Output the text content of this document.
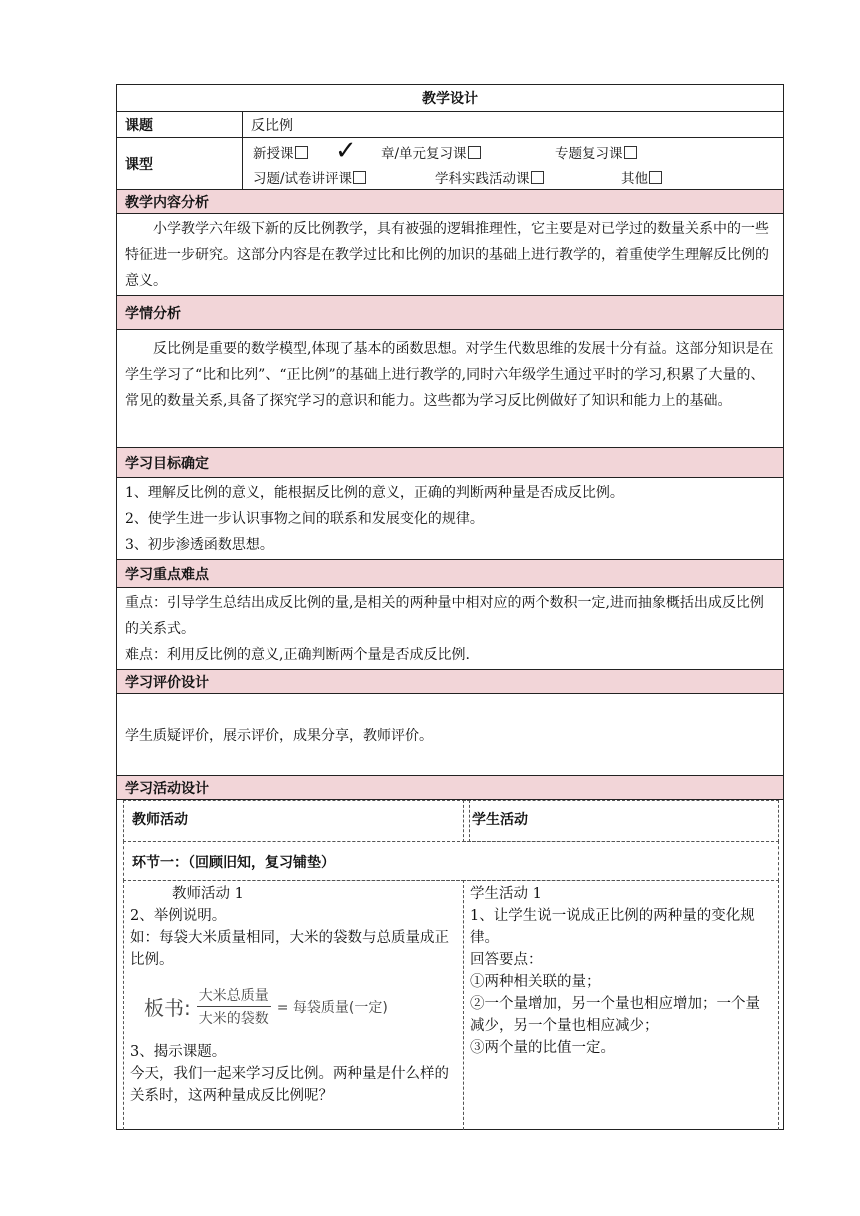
教学设计
课题	反比例
课型
新授课	✓ 章/单元复习课	专题复习课
习题/试卷讲评课	学科实践活动课	其他
教学内容分析

小学教学六年级下新的反比例教学，具有被强的逻辑推理性，它主要是对已学过的数量关系中的一些特征进一步研究。这部分内容是在教学过比和比例的加识的基础上进行教学的，着重使学生理解反比例的意义。

学情分析

反比例是重要的数学模型,体现了基本的函数思想。对学生代数思维的发展十分有益。这部分知识是在学生学习了“比和比列”、“正比例”的基础上进行教学的,同时六年级学生通过平时的学习,积累了大量的、常见的数量关系,具备了探究学习的意识和能力。这些都为学习反比例做好了知识和能力上的基础。

学习目标确定

1、理解反比例的意义，能根据反比例的意义，正确的判断两种量是否成反比例。

2、使学生进一步认识事物之间的联系和发展变化的规律。

3、初步渗透函数思想。

学习重点难点

重点：引导学生总结出成反比例的量,是相关的两种量中相对应的两个数积一定,进而抽象概括出成反比例的关系式。

难点：利用反比例的意义,正确判断两个量是否成反比例.

学习评价设计

学生质疑评价，展示评价，成果分享，教师评价。

学习活动设计
教师活动	学生活动
环节一：（回顾旧知，复习铺垫）

教师活动 1

2、举例说明。

如：每袋大米质量相同，大米的袋数与总质量成正比例。

板书: $\frac{\text{大米总质量}}{\text{大米的袋数}}$ = 每袋质量(一定)

3、揭示课题。

今天，我们一起来学习反比例。两种量是什么样的关系时，这两种量成反比例呢？

学生活动 1

1、让学生说一说成正比例的两种量的变化规律。

回答要点：

①两种相关联的量；

②一个量增加，另一个量也相应增加；一个量减少，另一个量也相应减少；

③两个量的比值一定。
